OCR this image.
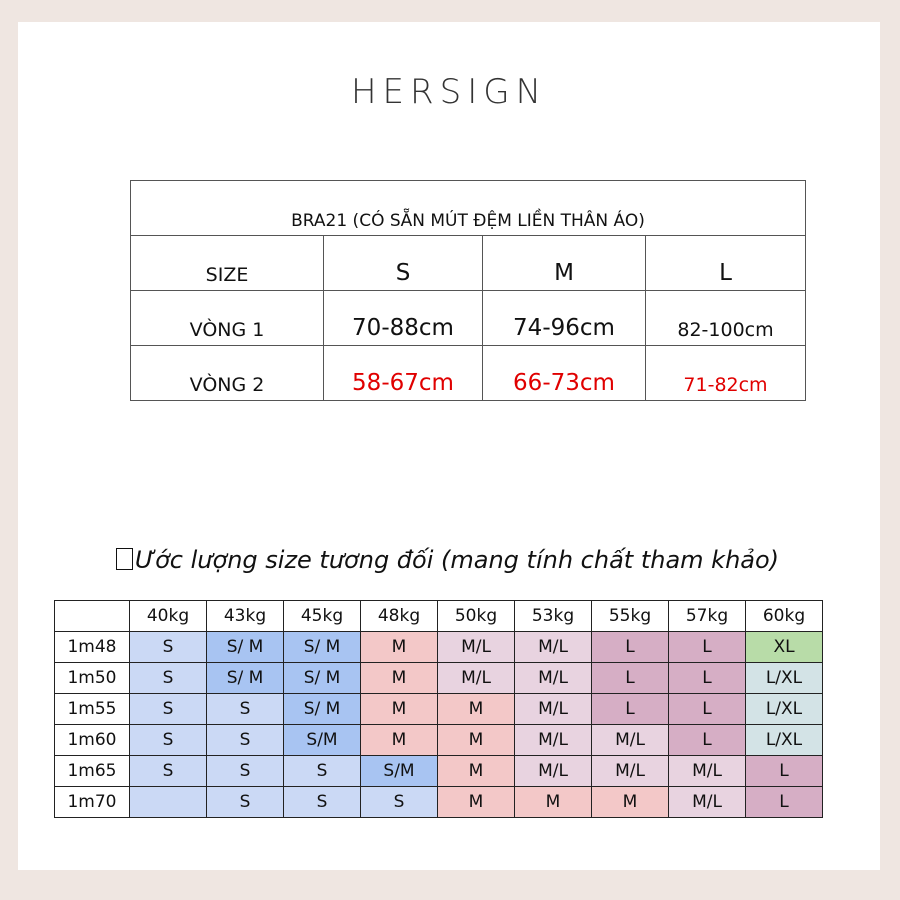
HERSIGN
BRA21 (CÓ SẴN MÚT ĐỆM LIỀN THÂN ÁO)			
SIZE	S	M	L
VÒNG 1	70-88cm	74-96cm	82-100cm
VÒNG 2	58-67cm	66-73cm	71-82cm
Ước lượng size tương đối (mang tính chất tham khảo)
	40kg	43kg	45kg	48kg	50kg	53kg	55kg	57kg	60kg
1m48	S	S/ M	S/ M	M	M/L	M/L	L	L	XL
1m50	S	S/ M	S/ M	M	M/L	M/L	L	L	L/XL
1m55	S	S	S/ M	M	M	M/L	L	L	L/XL
1m60	S	S	S/M	M	M	M/L	M/L	L	L/XL
1m65	S	S	S	S/M	M	M/L	M/L	M/L	L
1m70		S	S	S	M	M	M	M/L	L
